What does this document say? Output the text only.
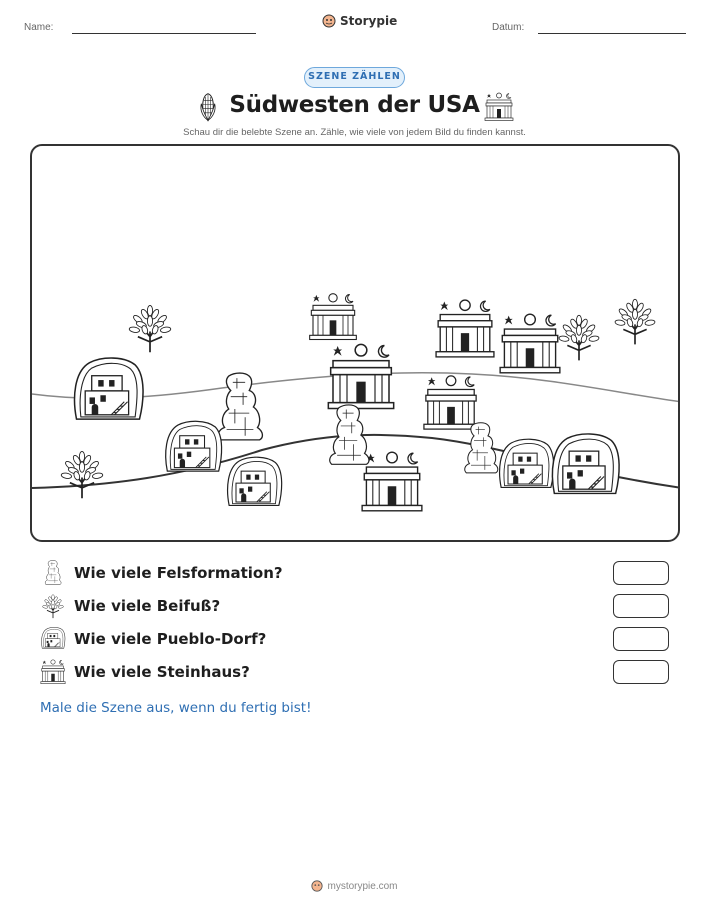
Name:	Storypie	Datum:
SZENE ZÄHLEN
Südwesten der USA
Schau dir die belebte Szene an. Zähle, wie viele von jedem Bild du finden kannst.
Wie viele Felsformation?
Wie viele Beifuß?
Wie viele Pueblo-Dorf?
Wie viele Steinhaus?
Male die Szene aus, wenn du fertig bist!
mystorypie.com
